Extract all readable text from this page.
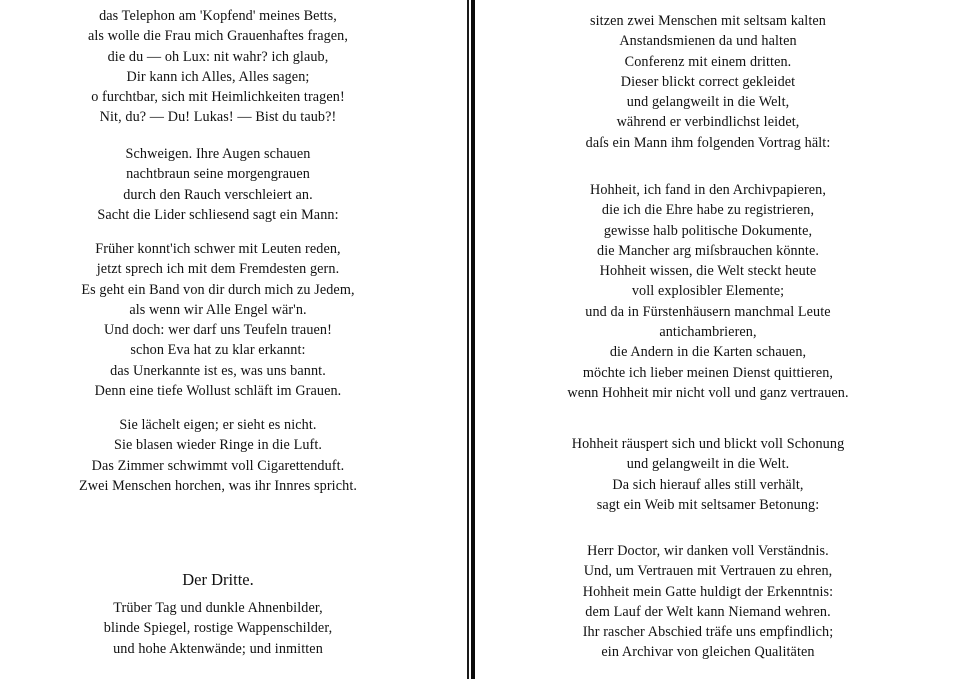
das Telephon am 'Kopfend' meines Betts,
als wolle die Frau mich Grauenhaftes fragen,
die du — oh Lux: nit wahr? ich glaub,
Dir kann ich Alles, Alles sagen;
o furchtbar, sich mit Heimlichkeiten tragen!
Nit, du? — Du! Lukas! — Bist du taub?!
Schweigen. Ihre Augen schauen
nachtbraun seine morgengrauen
durch den Rauch verschleiert an.
Sacht die Lider schliesend sagt ein Mann:
Früher konnt'ich schwer mit Leuten reden,
jetzt sprech ich mit dem Fremdesten gern.
Es geht ein Band von dir durch mich zu Jedem,
als wenn wir Alle Engel wär'n.
Und doch: wer darf uns Teufeln trauen!
schon Eva hat zu klar erkannt:
das Unerkannte ist es, was uns bannt.
Denn eine tiefe Wollust schläft im Grauen.
Sie lächelt eigen; er sieht es nicht.
Sie blasen wieder Ringe in die Luft.
Das Zimmer schwimmt voll Cigarettenduft.
Zwei Menschen horchen, was ihr Innres spricht.
Der Dritte.
Trüber Tag und dunkle Ahnenbilder,
blinde Spiegel, rostige Wappenschilder,
und hohe Aktenwände; und inmitten
sitzen zwei Menschen mit seltsam kalten
Anstandsmienen da und halten
Conferenz mit einem dritten.
Dieser blickt correct gekleidet
und gelangweilt in die Welt,
während er verbindlichst leidet,
daſs ein Mann ihm folgenden Vortrag hält:
Hohheit, ich fand in den Archivpapieren,
die ich die Ehre habe zu registrieren,
gewisse halb politische Dokumente,
die Mancher arg miſsbrauchen könnte.
Hohheit wissen, die Welt steckt heute
voll explosibler Elemente;
und da in Fürstenhäusern manchmal Leute
antichambrieren,
die Andern in die Karten schauen,
möchte ich lieber meinen Dienst quittieren,
wenn Hohheit mir nicht voll und ganz vertrauen.
Hohheit räuspert sich und blickt voll Schonung
und gelangweilt in die Welt.
Da sich hierauf alles still verhält,
sagt ein Weib mit seltsamer Betonung:
Herr Doctor, wir danken voll Verständnis.
Und, um Vertrauen mit Vertrauen zu ehren,
Hohheit mein Gatte huldigt der Erkenntnis:
dem Lauf der Welt kann Niemand wehren.
Ihr rascher Abschied träfe uns empfindlich;
ein Archivar von gleichen Qualitäten
